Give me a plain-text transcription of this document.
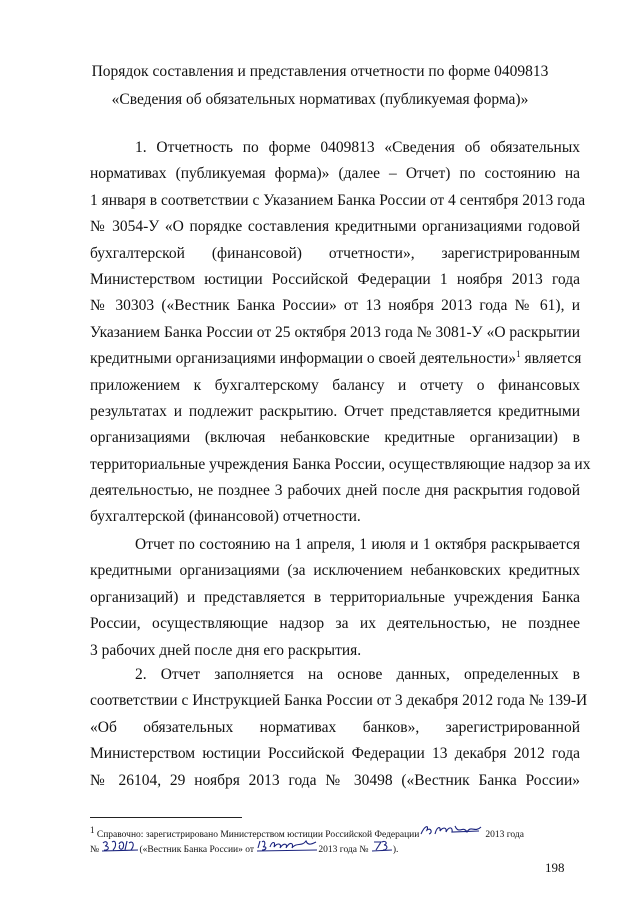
Порядок составления и представления отчетности по форме 0409813
«Сведения об обязательных нормативах (публикуемая форма)»
1. Отчетность по форме 0409813 «Сведения об обязательных
нормативах (публикуемая форма)» (далее – Отчет) по состоянию на
1 января в соответствии с Указанием Банка России от 4 сентября 2013 года
№ 3054-У «О порядке составления кредитными организациями годовой
бухгалтерской (финансовой) отчетности», зарегистрированным
Министерством юстиции Российской Федерации 1 ноября 2013 года
№ 30303 («Вестник Банка России» от 13 ноября 2013 года № 61), и
Указанием Банка России от 25 октября 2013 года № 3081-У «О раскрытии
кредитными организациями информации о своей деятельности»$^1$ является
приложением к бухгалтерскому балансу и отчету о финансовых
результатах и подлежит раскрытию. Отчет представляется кредитными
организациями (включая небанковские кредитные организации) в
территориальные учреждения Банка России, осуществляющие надзор за их
деятельностью, не позднее 3 рабочих дней после дня раскрытия годовой
бухгалтерской (финансовой) отчетности.
Отчет по состоянию на 1 апреля, 1 июля и 1 октября раскрывается
кредитными организациями (за исключением небанковских кредитных
организаций) и представляется в территориальные учреждения Банка
России, осуществляющие надзор за их деятельностью, не позднее
3 рабочих дней после дня его раскрытия.
2. Отчет заполняется на основе данных, определенных в
соответствии с Инструкцией Банка России от 3 декабря 2012 года № 139-И
«Об обязательных нормативах банков», зарегистрированной
Министерством юстиции Российской Федерации 13 декабря 2012 года
№ 26104, 29 ноября 2013 года № 30498 («Вестник Банка России»
$^1$ Справочно: зарегистрировано Министерством юстиции Российской Федерации	2013 года
№	(«Вестник Банка России» от	2013 года №
).
198
